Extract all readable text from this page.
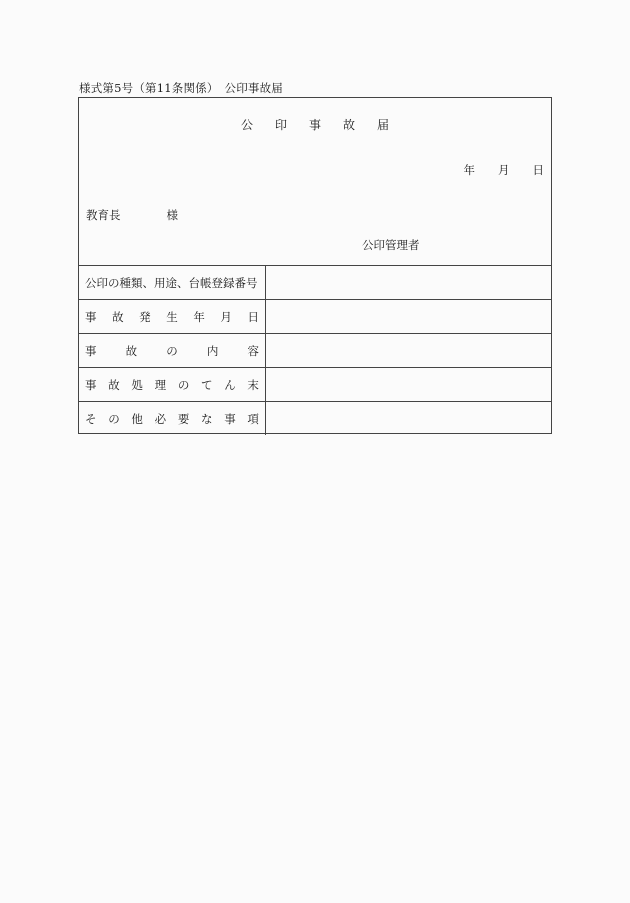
様式第5号（第11条関係）　公印事故届
公印事故届
年　　月　　日
教育長　　　　様
公印管理者
公印の種類、用途、台帳登録番号
事 故 発 生 年 月 日
事	故	の	内	容
事 故 処 理 の て ん 末
そ の 他 必 要 な 事 項
